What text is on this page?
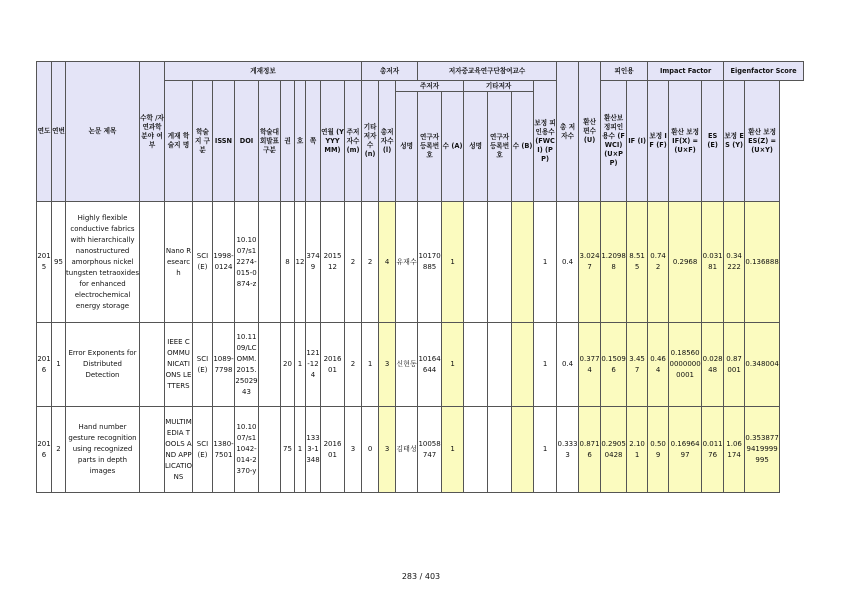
연도	연번	논문 제목	수학 /자연과학 분야 여부	게재정보										총저자			저자중교육연구단참여교수						총 저자수	환산 편수 (U)	피인용		Impact Factor			Eigenfactor Score	
				게재 학술지 명	학술지 구분	ISSN	DOI	학술대회발표 구분	권	호	쪽	연월 (YYYY MM)	주저자수 (m)	기타저자수 (n)	총저자수 (l)	주저자			기타저자			보정 피인용수 (FWCI) (PP)			환산보정피인용수 (FWCI) (U×PP)	IF (I)	보정 IF (F)	환산 보정 IF(X) = (U×F)	ES (E)	보정 ES (Y)	환산 보정 ES(Z) =(U×Y)
																성명	연구자 등록번호	수 (A)	성명	연구자 등록번호	수 (B)										

2015	95	Highly flexible conductive fabrics with hierarchically nanostructured amorphous nickel tungsten tetraoxides for enhanced electrochemical energy storage		Nano Research	SCI(E)	1998-0124	10.1007/s12274-015-0874-z		8	12	3749	2015 12	2	2	4	유재수	10170885	1				1	0.4	3.0247	1.20988	8.515	0.742	0.2968	0.03181	0.34222	0.136888
2016	1	Error Exponents for Distributed Detection		IEEE COMMUNICATIONS LETTERS	SCI(E)	1089-7798	10.1109/LCOMM.2015.2502943		20	1	121-124	2016 01	2	1	3	신현동	10164644	1				1	0.4	0.3774	0.15096	3.457	0.464	0.1856000000000001	0.02848	0.87001	0.348004
2016	2	Hand number gesture recognition using recognized parts in depth images		MULTIMEDIA TOOLS AND APPLICATIONS	SCI(E)	1380-7501	10.1007/s11042-014-2370-y		75	1	1333-1348	2016 01	3	0	3	김태성	10058747	1				1	0.3333	0.8716	0.29050428	2.101	0.509	0.1696497	0.01176	1.06174	0.3538779419999995
283 / 403
